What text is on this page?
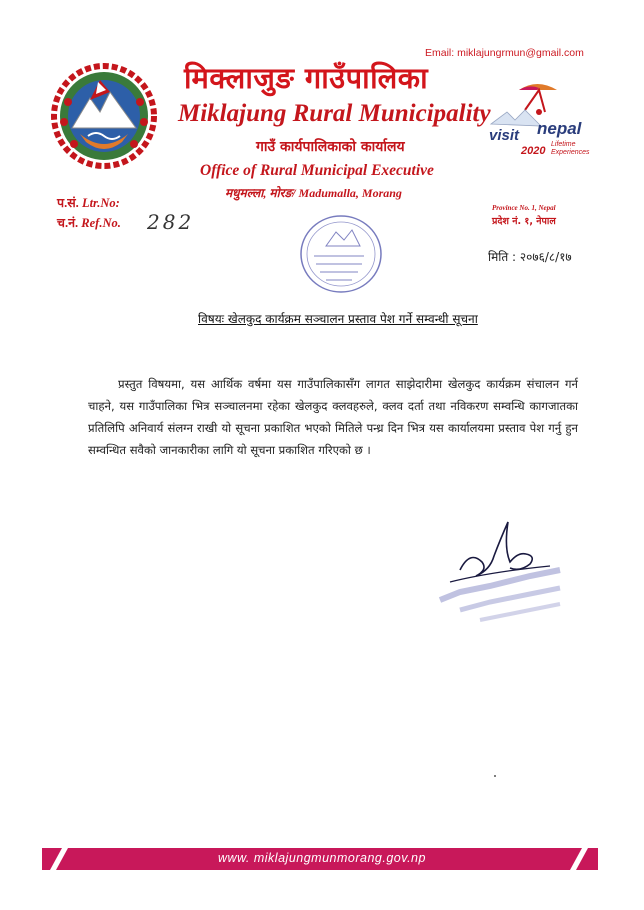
Email: miklajungrmun@gmail.com
मिक्लाजुङ गाउँपालिका
Miklajung Rural Municipality
गाउँ कार्यपालिकाको कार्यालय
Office of Rural Municipal Executive
मधुमल्ला, मोरङ/ Madumalla, Morang
visit nepal
2020
Lifetime
Experiences
प.सं. Ltr.No:
च.नं. Ref.No. 282
Province No. 1, Nepal
प्रदेश नं. १, नेपाल
मिति : २०७६/८/१७
विषयः खेलकुद कार्यक्रम सञ्चालन प्रस्ताव पेश गर्ने सम्वन्धी सूचना
प्रस्तुत विषयमा, यस आर्थिक वर्षमा यस गाउँपालिकासँग लागत साझेदारीमा खेलकुद कार्यक्रम संचालन गर्न चाहने, यस गाउँपालिका भित्र सञ्चालनमा रहेका खेलकुद क्लवहरुले, क्लव दर्ता तथा नविकरण सम्वन्धि कागजातका प्रतिलिपि अनिवार्य संलग्न राखी यो सूचना प्रकाशित भएको मितिले पन्ध्र दिन भित्र यस कार्यालयमा प्रस्ताव पेश गर्नु हुन सम्वन्धित सवैको जानकारीका लागि यो सूचना प्रकाशित गरिएको छ ।
www. miklajungmunmorang.gov.np
